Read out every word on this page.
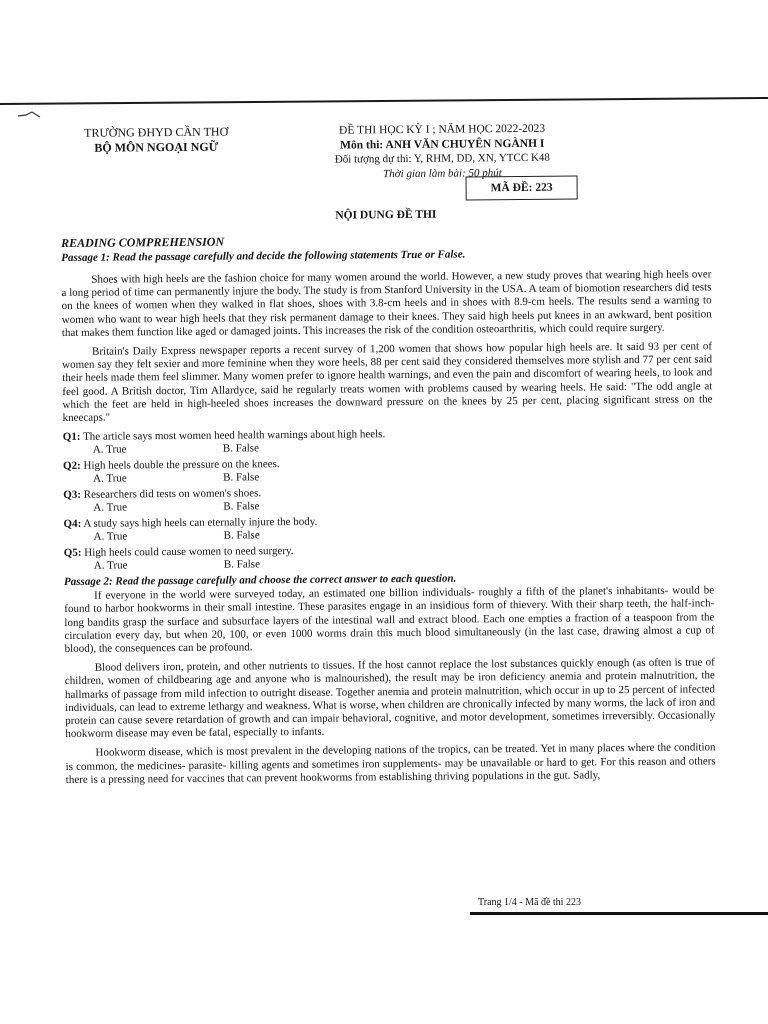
TRƯỜNG ĐHYD CẦN THƠ
BỘ MÔN NGOẠI NGỮ
ĐỀ THI HỌC KỲ I ; NĂM HỌC 2022-2023
Môn thi: ANH VĂN CHUYÊN NGÀNH I
Đối tượng dự thi: Y, RHM, DD, XN, YTCC K48
Thời gian làm bài: 50 phút
MÃ ĐỀ: 223
NỘI DUNG ĐỀ THI
READING COMPREHENSION
Passage 1: Read the passage carefully and decide the following statements True or False.

Shoes with high heels are the fashion choice for many women around the world. However, a new study proves that wearing high heels over a long period of time can permanently injure the body. The study is from Stanford University in the USA. A team of biomotion researchers did tests on the knees of women when they walked in flat shoes, shoes with 3.8-cm heels and in shoes with 8.9-cm heels. The results send a warning to women who want to wear high heels that they risk permanent damage to their knees. They said high heels put knees in an awkward, bent position that makes them function like aged or damaged joints. This increases the risk of the condition osteoarthritis, which could require surgery.

Britain's Daily Express newspaper reports a recent survey of 1,200 women that shows how popular high heels are. It said 93 per cent of women say they felt sexier and more feminine when they wore heels, 88 per cent said they considered themselves more stylish and 77 per cent said their heels made them feel slimmer. Many women prefer to ignore health warnings, and even the pain and discomfort of wearing heels, to look and feel good. A British doctor, Tim Allardyce, said he regularly treats women with problems caused by wearing heels. He said: "The odd angle at which the feet are held in high-heeled shoes increases the downward pressure on the knees by 25 per cent, placing significant stress on the kneecaps."

Q1: The article says most women heed health warnings about high heels.

A. True	B. False

Q2: High heels double the pressure on the knees.

A. True	B. False

Q3: Researchers did tests on women's shoes.

A. True	B. False

Q4: A study says high heels can eternally injure the body.

A. True	B. False

Q5: High heels could cause women to need surgery.

A. True	B. False

Passage 2: Read the passage carefully and choose the correct answer to each question.

If everyone in the world were surveyed today, an estimated one billion individuals- roughly a fifth of the planet's inhabitants- would be found to harbor hookworms in their small intestine. These parasites engage in an insidious form of thievery. With their sharp teeth, the half-inch-long bandits grasp the surface and subsurface layers of the intestinal wall and extract blood. Each one empties a fraction of a teaspoon from the circulation every day, but when 20, 100, or even 1000 worms drain this much blood simultaneously (in the last case, drawing almost a cup of blood), the consequences can be profound.

Blood delivers iron, protein, and other nutrients to tissues. If the host cannot replace the lost substances quickly enough (as often is true of children, women of childbearing age and anyone who is malnourished), the result may be iron deficiency anemia and protein malnutrition, the hallmarks of passage from mild infection to outright disease. Together anemia and protein malnutrition, which occur in up to 25 percent of infected individuals, can lead to extreme lethargy and weakness. What is worse, when children are chronically infected by many worms, the lack of iron and protein can cause severe retardation of growth and can impair behavioral, cognitive, and motor development, sometimes irreversibly. Occasionally hookworm disease may even be fatal, especially to infants.

Hookworm disease, which is most prevalent in the developing nations of the tropics, can be treated. Yet in many places where the condition is common, the medicines- parasite- killing agents and sometimes iron supplements- may be unavailable or hard to get. For this reason and others there is a pressing need for vaccines that can prevent hookworms from establishing thriving populations in the gut. Sadly,

Trang 1/4 - Mã đề thi 223
